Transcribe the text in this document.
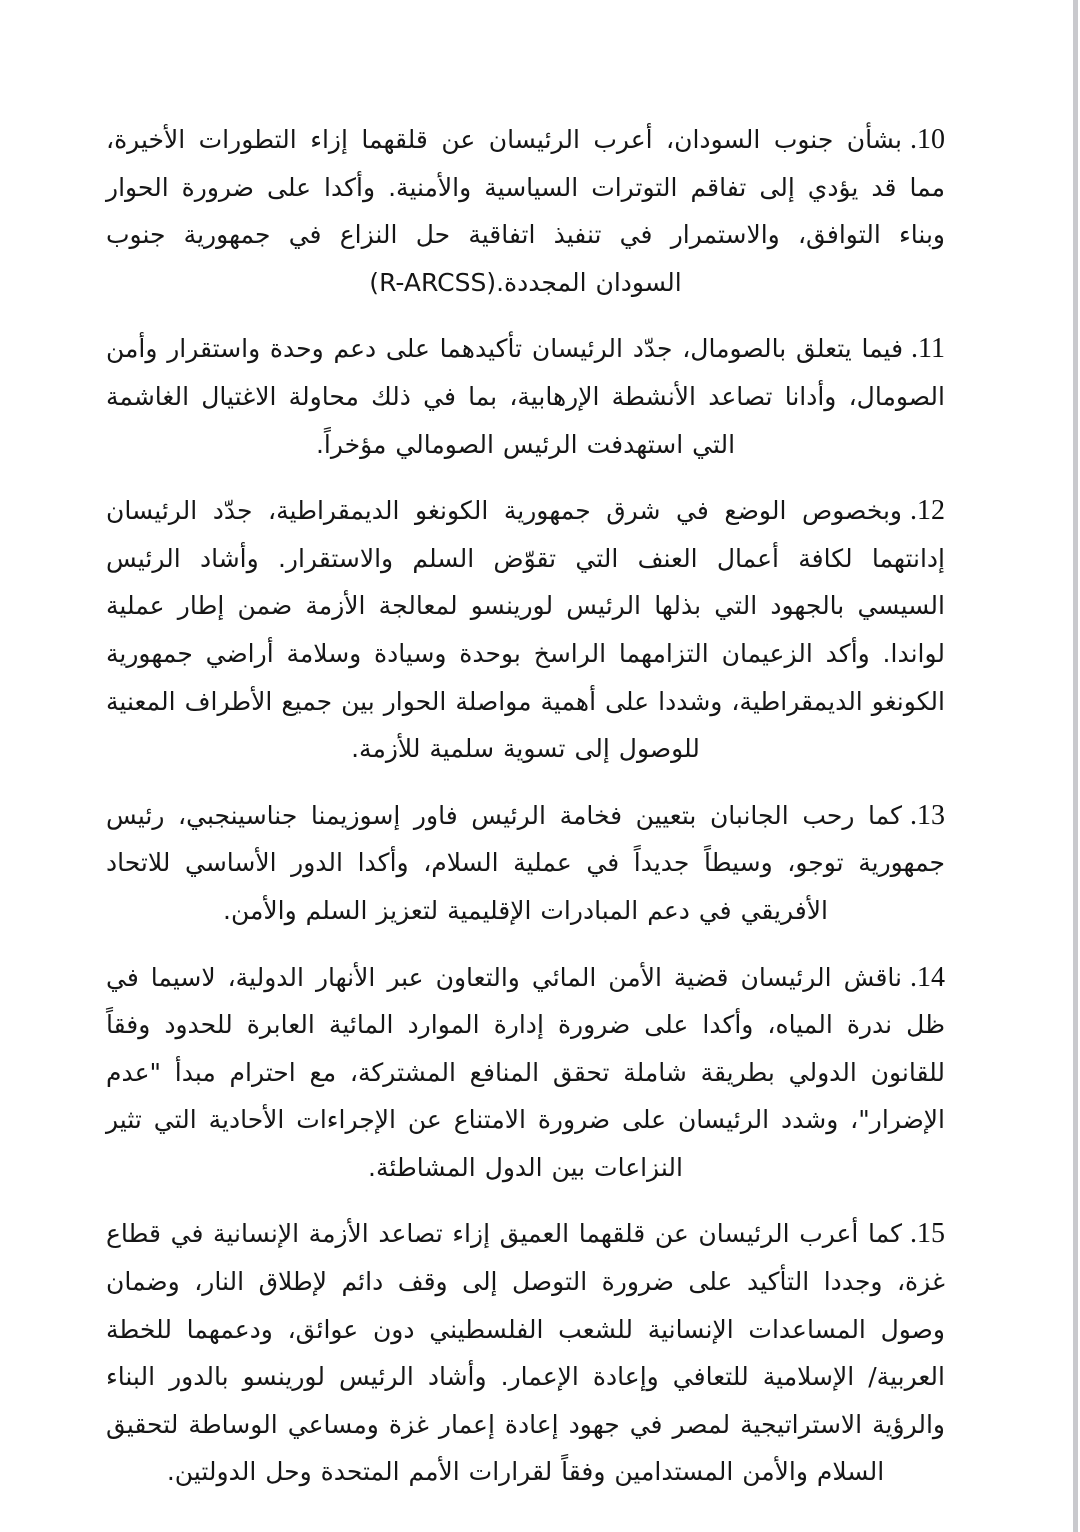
10.بشأن جنوب السودان، أعرب الرئيسان عن قلقهما إزاء التطورات الأخيرة، مما قد يؤدي إلى تفاقم التوترات السياسية والأمنية. وأكدا على ضرورة الحوار وبناء التوافق، والاستمرار في تنفيذ اتفاقية حل النزاع في جمهورية جنوب السودان المجددة.(R-ARCSS)

11.فيما يتعلق بالصومال، جدّد الرئيسان تأكيدهما على دعم وحدة واستقرار وأمن الصومال، وأدانا تصاعد الأنشطة الإرهابية، بما في ذلك محاولة الاغتيال الغاشمة التي استهدفت الرئيس الصومالي مؤخراً.

12.وبخصوص الوضع في شرق جمهورية الكونغو الديمقراطية، جدّد الرئيسان إدانتهما لكافة أعمال العنف التي تقوّض السلم والاستقرار. وأشاد الرئيس السيسي بالجهود التي بذلها الرئيس لورينسو لمعالجة الأزمة ضمن إطار عملية لواندا. وأكد الزعيمان التزامهما الراسخ بوحدة وسيادة وسلامة أراضي جمهورية الكونغو الديمقراطية، وشددا على أهمية مواصلة الحوار بين جميع الأطراف المعنية للوصول إلى تسوية سلمية للأزمة.

13.كما رحب الجانبان بتعيين فخامة الرئيس فاور إسوزيمنا جناسينجبي، رئيس جمهورية توجو، وسيطاً جديداً في عملية السلام، وأكدا الدور الأساسي للاتحاد الأفريقي في دعم المبادرات الإقليمية لتعزيز السلم والأمن.

14.ناقش الرئيسان قضية الأمن المائي والتعاون عبر الأنهار الدولية، لاسيما في ظل ندرة المياه، وأكدا على ضرورة إدارة الموارد المائية العابرة للحدود وفقاً للقانون الدولي بطريقة شاملة تحقق المنافع المشتركة، مع احترام مبدأ "عدم الإضرار"، وشدد الرئيسان على ضرورة الامتناع عن الإجراءات الأحادية التي تثير النزاعات بين الدول المشاطئة.

15.كما أعرب الرئيسان عن قلقهما العميق إزاء تصاعد الأزمة الإنسانية في قطاع غزة، وجددا التأكيد على ضرورة التوصل إلى وقف دائم لإطلاق النار، وضمان وصول المساعدات الإنسانية للشعب الفلسطيني دون عوائق، ودعمهما للخطة العربية/ الإسلامية للتعافي وإعادة الإعمار. وأشاد الرئيس لورينسو بالدور البناء والرؤية الاستراتيجية لمصر في جهود إعادة إعمار غزة ومساعي الوساطة لتحقيق السلام والأمن المستدامين وفقاً لقرارات الأمم المتحدة وحل الدولتين.
